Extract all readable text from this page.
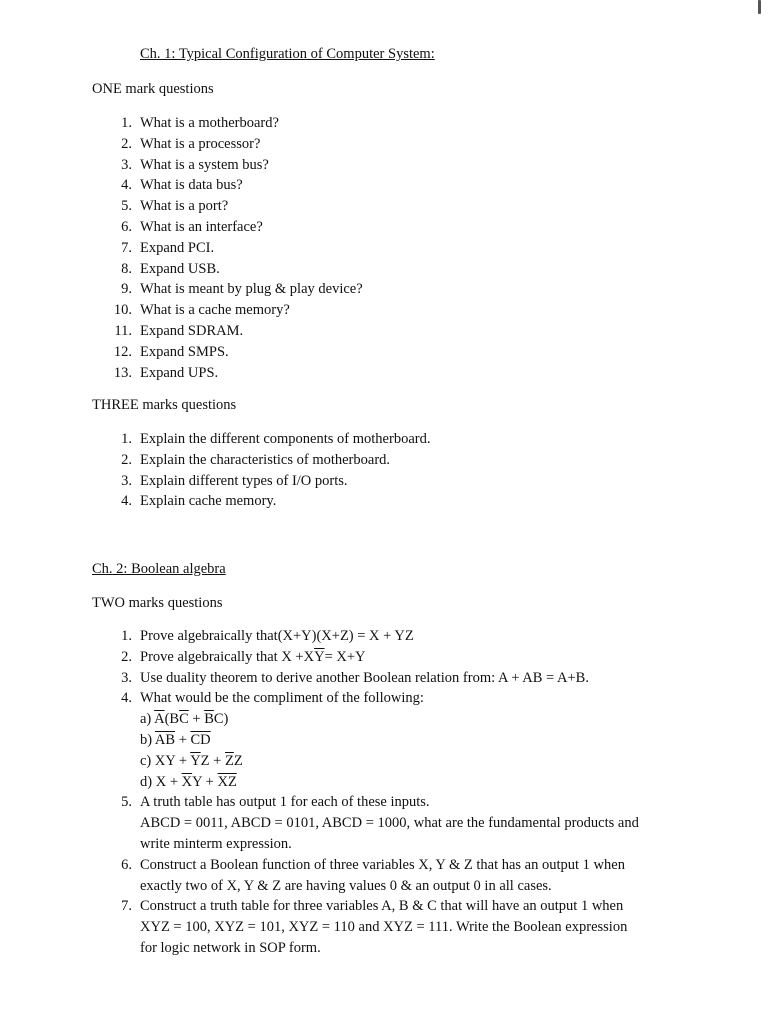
Ch. 1: Typical Configuration of Computer System:
ONE mark questions
1. What is a motherboard?
2. What is a processor?
3. What is a system bus?
4. What is data bus?
5. What is a port?
6. What is an interface?
7. Expand PCI.
8. Expand USB.
9. What is meant by plug & play device?
10. What is a cache memory?
11. Expand SDRAM.
12. Expand SMPS.
13. Expand UPS.
THREE marks questions
1. Explain the different components of motherboard.
2. Explain the characteristics of motherboard.
3. Explain different types of I/O ports.
4. Explain cache memory.
Ch. 2: Boolean algebra
TWO marks questions
1. Prove algebraically that(X+Y)(X+Z) = X + YZ
2. Prove algebraically that $X +X\overline{Y}= X+Y$
3. Use duality theorem to derive another Boolean relation from: A + AB = A+B.
4. What would be the compliment of the following:
a) $\overline{A}(B\overline{C} + \overline{B}C)$
b) $\overline{AB} + \overline{CD}$
c) XY + $\overline{Y}Z + \overline{Z}Z$
d) $X + \overline{X}Y + \overline{XZ}$
5. A truth table has output 1 for each of these inputs.
ABCD = 0011, ABCD = 0101, ABCD = 1000, what are the fundamental products and
write minterm expression.
6. Construct a Boolean function of three variables X, Y & Z that has an output 1 when
exactly two of X, Y & Z are having values 0 & an output 0 in all cases.
7. Construct a truth table for three variables A, B & C that will have an output 1 when
XYZ = 100, XYZ = 101, XYZ = 110 and XYZ = 111. Write the Boolean expression
for logic network in SOP form.
